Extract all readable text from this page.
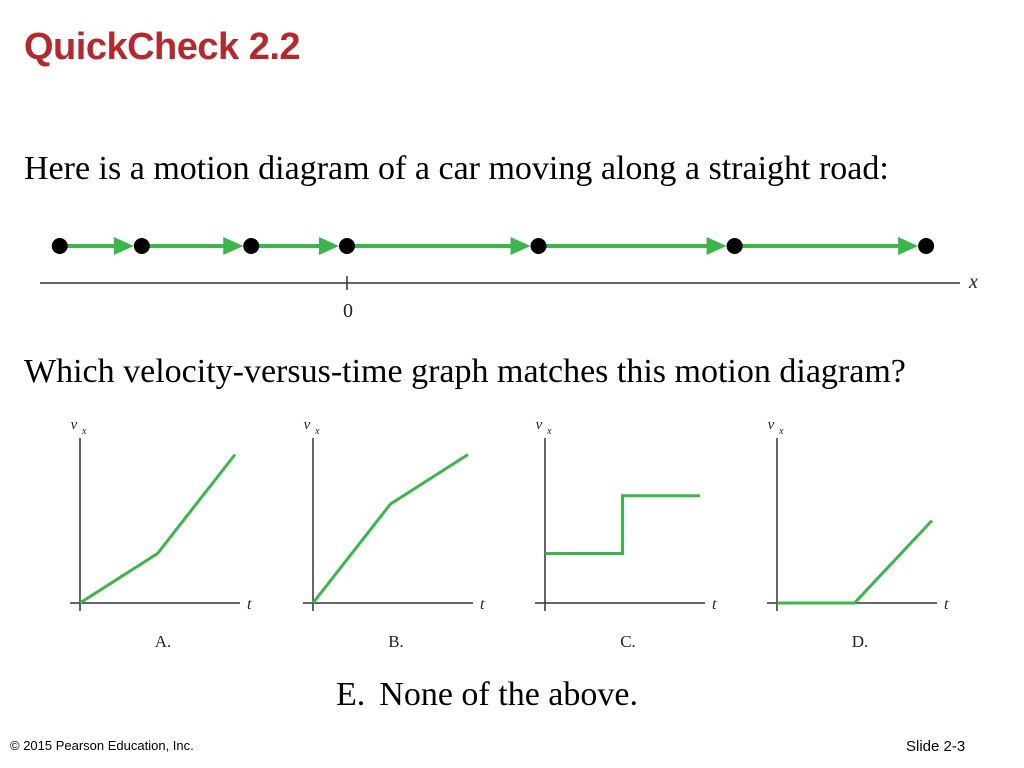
QuickCheck 2.2

Here is a motion diagram of a car moving along a straight road:

0
x

Which velocity-versus-time graph matches this motion diagram?

v x
t
A.
v x
t
B.
v x
t
C.
v x
t
D.

E. None of the above.

© 2015 Pearson Education, Inc.	Slide 2-3
